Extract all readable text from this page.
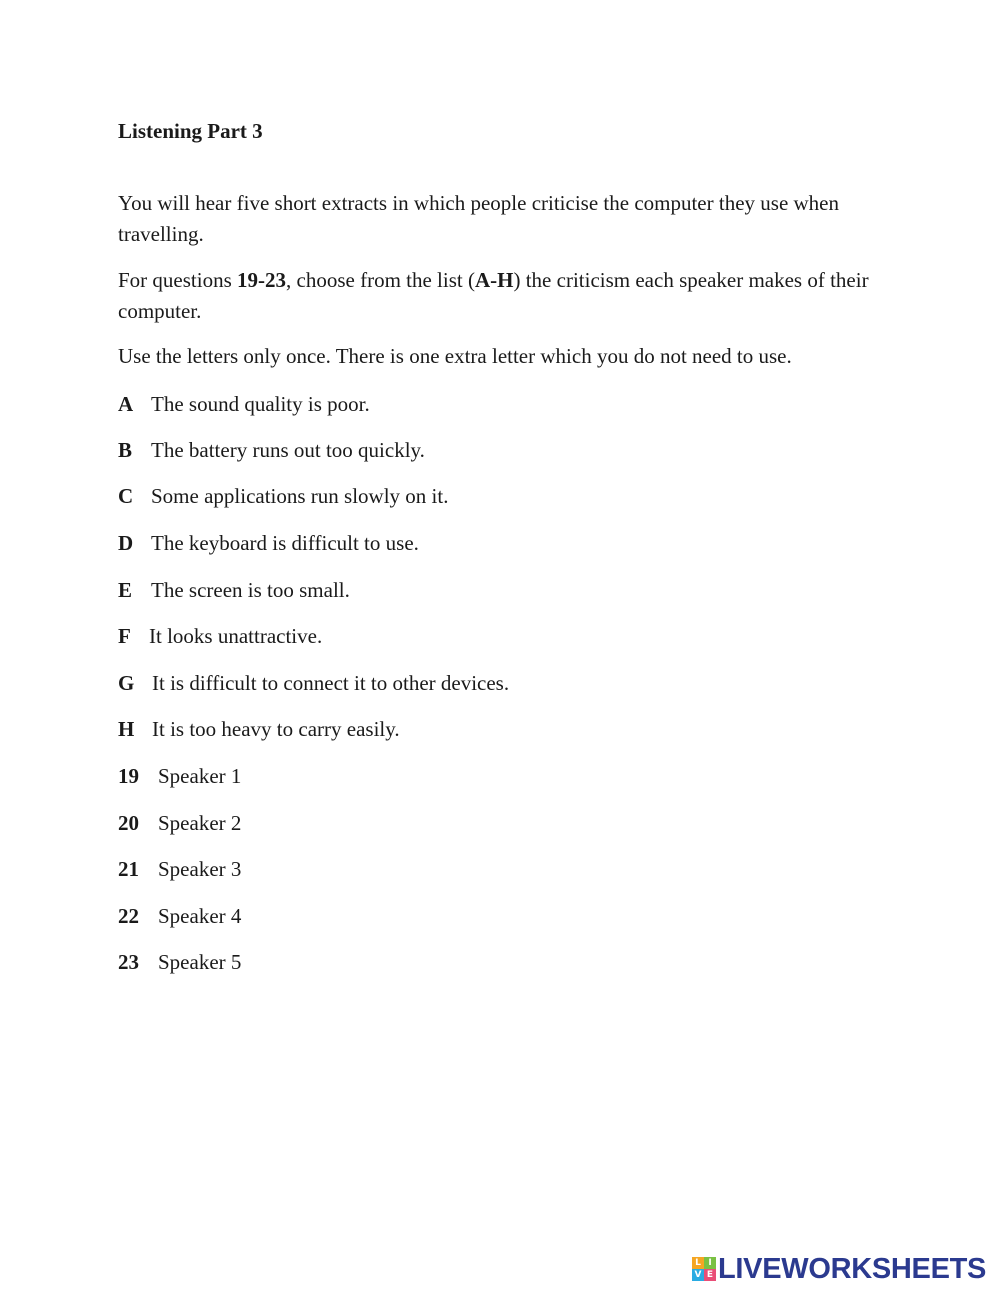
Listening Part 3

You will hear five short extracts in which people criticise the computer they use when travelling.

For questions 19-23, choose from the list (A-H) the criticism each speaker makes of their computer.

Use the letters only once. There is one extra letter which you do not need to use.

A The sound quality is poor.
B The battery runs out too quickly.
C Some applications run slowly on it.
D The keyboard is difficult to use.
E The screen is too small.
F It looks unattractive.
G It is difficult to connect it to other devices.
H It is too heavy to carry easily.
19 Speaker 1
20 Speaker 2
21 Speaker 3
22 Speaker 4
23 Speaker 5
L I
V E LIVEWORKSHEETS
